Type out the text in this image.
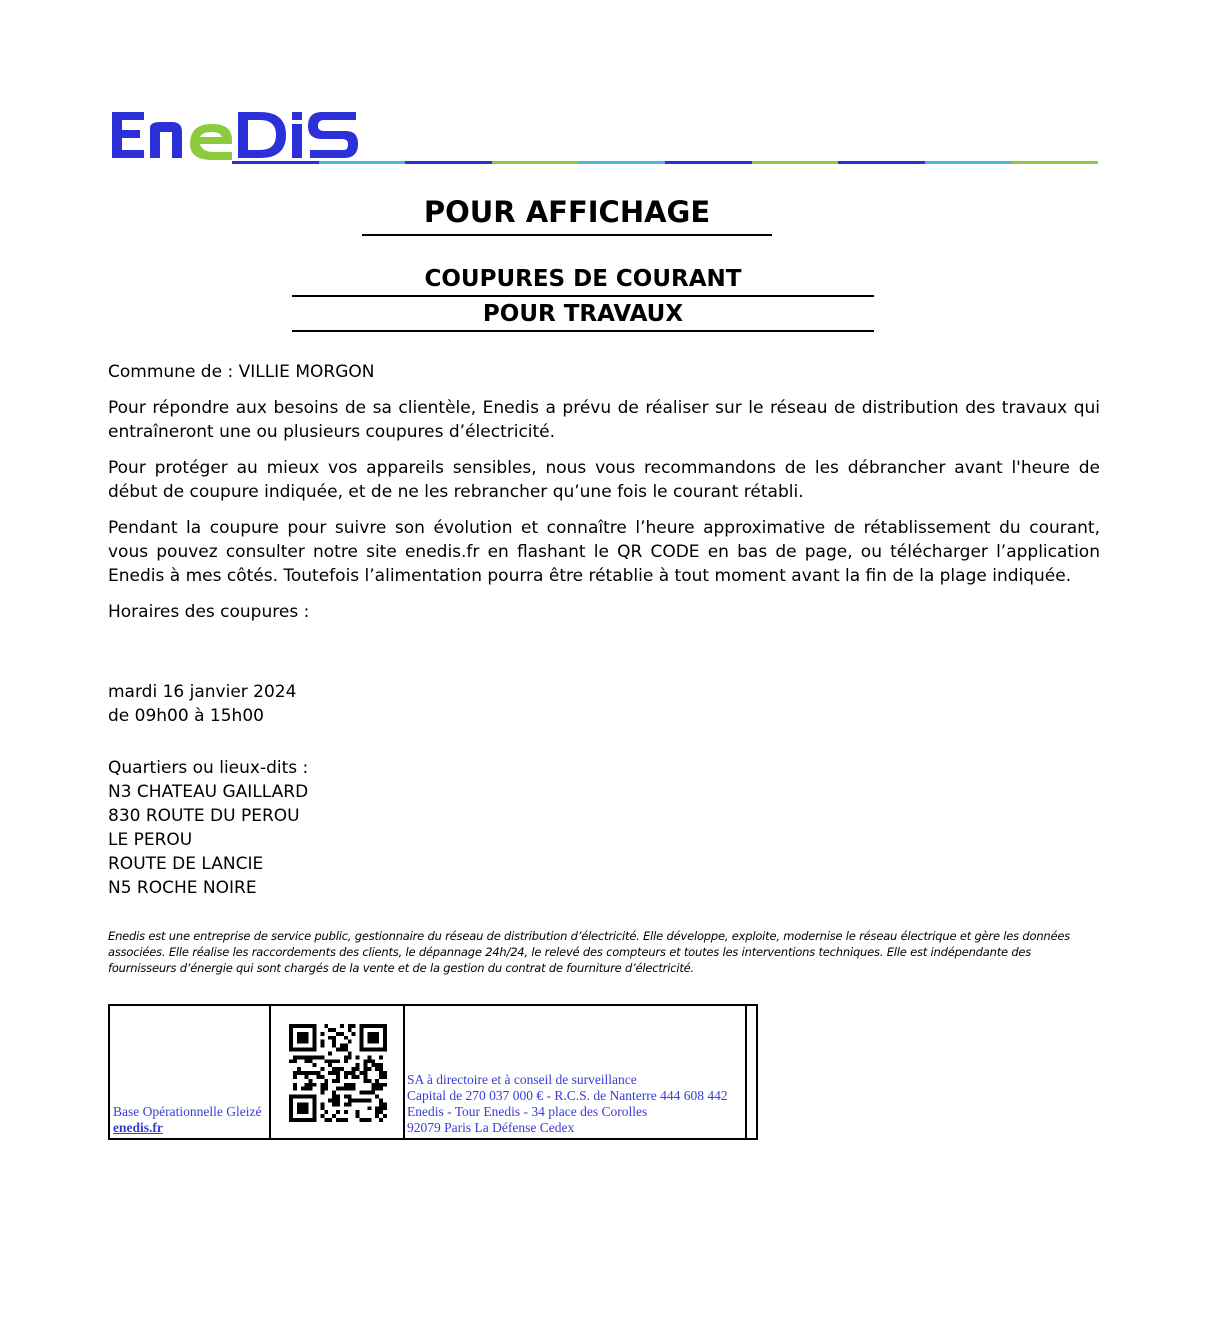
POUR AFFICHAGE
COUPURES DE COURANT
POUR TRAVAUX

Commune de : VILLIE MORGON

Pour répondre aux besoins de sa clientèle, Enedis a prévu de réaliser sur le réseau de distribution des travaux qui entraîneront une ou plusieurs coupures d’électricité.

Pour protéger au mieux vos appareils sensibles, nous vous recommandons de les débrancher avant l'heure de début de coupure indiquée, et de ne les rebrancher qu’une fois le courant rétabli.

Pendant la coupure pour suivre son évolution et connaître l’heure approximative de rétablissement du courant, vous pouvez consulter notre site enedis.fr en flashant le QR CODE en bas de page, ou télécharger l’application Enedis à mes côtés. Toutefois l’alimentation pourra être rétablie à tout moment avant la fin de la plage indiquée.

Horaires des coupures :

mardi 16 janvier 2024

de 09h00 à 15h00

Quartiers ou lieux-dits :

N3 CHATEAU GAILLARD

830 ROUTE DU PEROU

LE PEROU

ROUTE DE LANCIE

N5 ROCHE NOIRE

Enedis est une entreprise de service public, gestionnaire du réseau de distribution d’électricité. Elle développe, exploite, modernise le réseau électrique et gère les données associées. Elle réalise les raccordements des clients, le dépannage 24h/24, le relevé des compteurs et toutes les interventions techniques. Elle est indépendante des fournisseurs d’énergie qui sont chargés de la vente et de la gestion du contrat de fourniture d’électricité.

Base Opérationnelle Gleizé
enedis.fr
SA à directoire et à conseil de surveillance
Capital de 270 037 000 € - R.C.S. de Nanterre 444 608 442
Enedis - Tour Enedis - 34 place des Corolles
92079 Paris La Défense Cedex
